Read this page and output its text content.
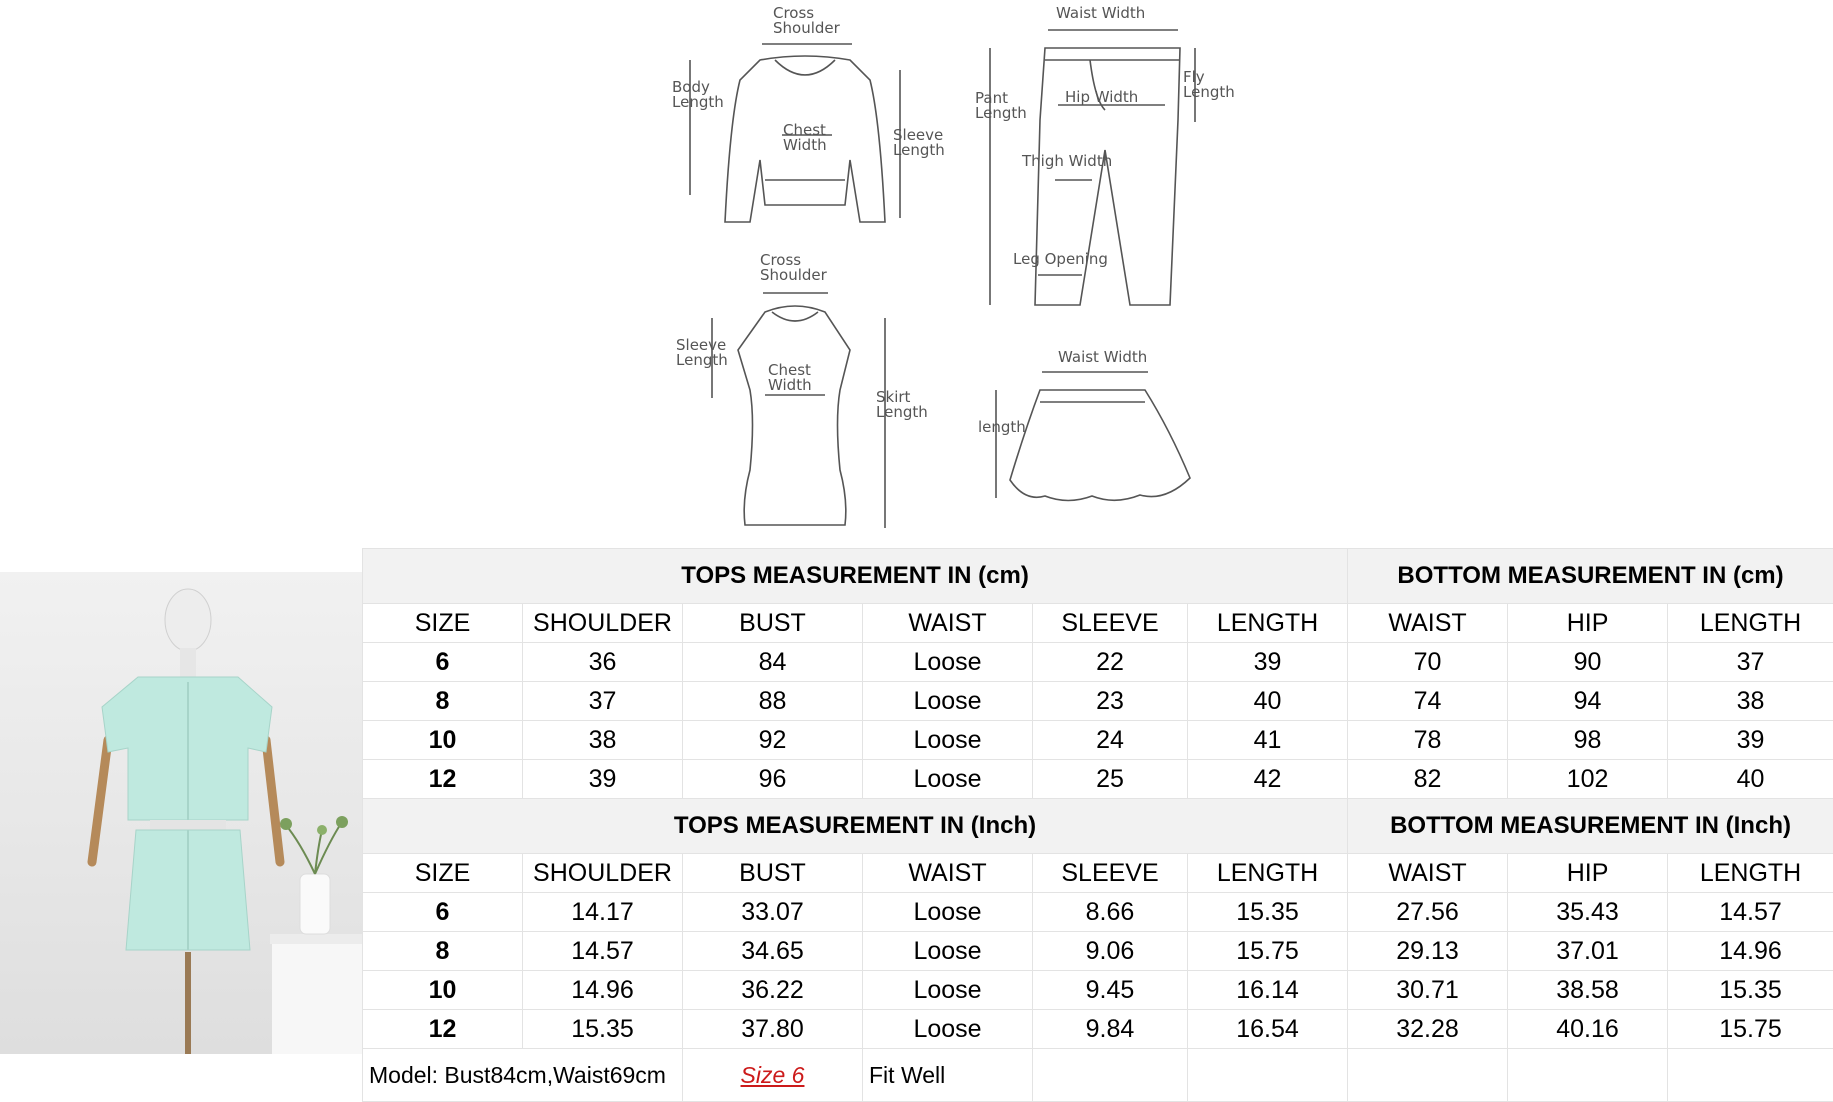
Cross
Shoulder
Body
Length
Chest
Width
Sleeve
Length
Waist Width
Pant
Length
Fly
Length
Hip Width
Thigh Width
Leg Opening
Cross
Shoulder
Sleeve
Length
Chest
Width
Skirt
Length
Waist Width
length
TOPS MEASUREMENT IN (cm)						BOTTOM MEASUREMENT IN (cm)		
SIZE	SHOULDER	BUST	WAIST	SLEEVE	LENGTH	WAIST	HIP	LENGTH
6	36	84	Loose	22	39	70	90	37
8	37	88	Loose	23	40	74	94	38
10	38	92	Loose	24	41	78	98	39
12	39	96	Loose	25	42	82	102	40
TOPS MEASUREMENT IN (Inch)						BOTTOM MEASUREMENT IN (Inch)		
SIZE	SHOULDER	BUST	WAIST	SLEEVE	LENGTH	WAIST	HIP	LENGTH
6	14.17	33.07	Loose	8.66	15.35	27.56	35.43	14.57
8	14.57	34.65	Loose	9.06	15.75	29.13	37.01	14.96
10	14.96	36.22	Loose	9.45	16.14	30.71	38.58	15.35
12	15.35	37.80	Loose	9.84	16.54	32.28	40.16	15.75
Model: Bust84cm,Waist69cm		Size 6	Fit Well					
